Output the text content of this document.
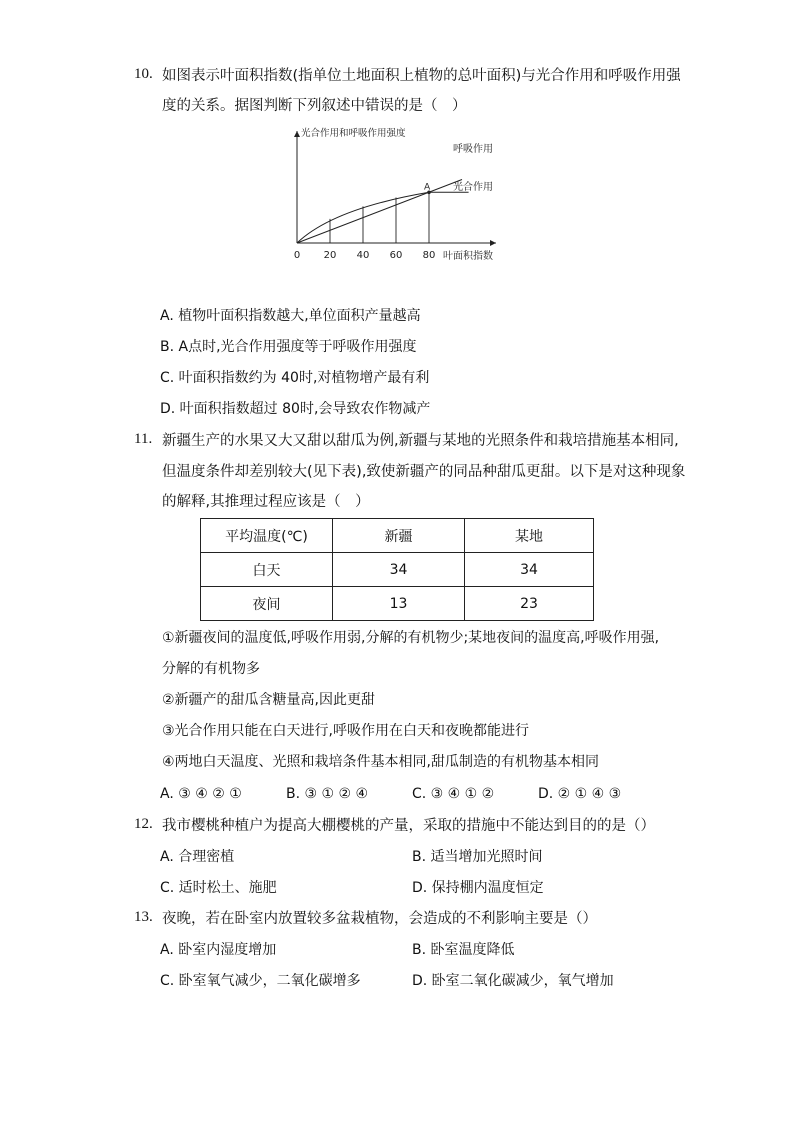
10. 如图表示叶面积指数(指单位土地面积上植物的总叶面积)与光合作用和呼吸作用强
度的关系。据图判断下列叙述中错误的是（　）
光合作用和呼吸作用强度
叶面积指数
0 20 40 60 80
A
呼吸作用
光合作用
A. 植物叶面积指数越大,单位面积产量越高
B. A点时,光合作用强度等于呼吸作用强度
C. 叶面积指数约为 40时,对植物增产最有利
D. 叶面积指数超过 80时,会导致农作物减产
11. 新疆生产的水果又大又甜以甜瓜为例,新疆与某地的光照条件和栽培措施基本相同,
但温度条件却差别较大(见下表),致使新疆产的同品种甜瓜更甜。以下是对这种现象
的解释,其推理过程应该是（　）
平均温度(℃)	新疆	某地
白天	34	34
夜间	13	23
①新疆夜间的温度低,呼吸作用弱,分解的有机物少;某地夜间的温度高,呼吸作用强,
分解的有机物多
②新疆产的甜瓜含糖量高,因此更甜
③光合作用只能在白天进行,呼吸作用在白天和夜晚都能进行
④两地白天温度、光照和栽培条件基本相同,甜瓜制造的有机物基本相同
A. ③ ④ ② ①	B. ③ ① ② ④	C. ③ ④ ① ②	D. ② ① ④ ③
12. 我市樱桃种植户为提高大棚樱桃的产量，采取的措施中不能达到目的的是（）
A. 合理密植	B. 适当增加光照时间
C. 适时松土、施肥	D. 保持棚内温度恒定
13. 夜晚，若在卧室内放置较多盆栽植物，会造成的不利影响主要是（）
A. 卧室内湿度增加	B. 卧室温度降低
C. 卧室氧气减少，二氧化碳增多	D. 卧室二氧化碳减少，氧气增加
